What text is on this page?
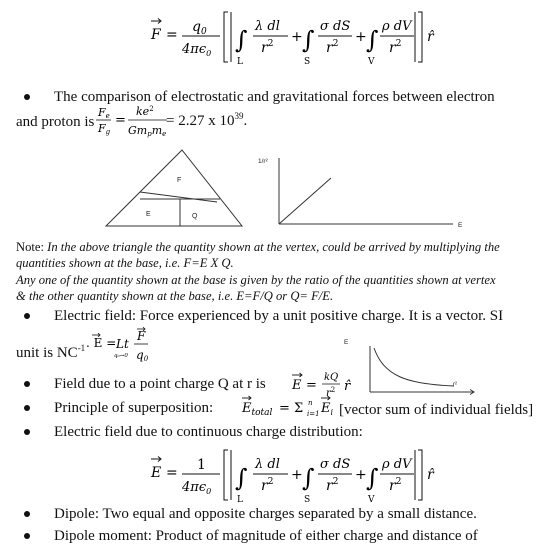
$F = q_0$
$4\pi\epsilon_0$ ∫ λ dl
$r^2$
L
+ ∫ σ dS
$r^2$
S
+ ∫ ρ dV
$r^2$
V
r̂
The comparison of electrostatic and gravitational forces between electron
and proton is
Fe
Fg
=
$ke^2$
Gmpme
= 2.27 x $10^{39}$.
F
E	Q
1/r²
E
Note: In the above triangle the quantity shown at the vertex, could be arrived by multiplying the
quantities shown at the base, i.e. F=E X Q.
Any one of the quantity shown at the base is given by the ratio of the quantities shown at vertex
& the other quantity shown at the base, i.e. E=F/Q or Q= F/E.
Electric field: Force experienced by a unit positive charge. It is a vector. SI
unit is $NC^{-1}$ . E = Lt
q₀→0
F
q0
E
r²
Field due to a point charge Q at r is E =
kQ
$r^2$ r̂
Principle of superposition: $E_{total} = \Sigma$ n
i=1 $E_i$ [vector sum of individual fields]
Electric field due to continuous charge distribution:
E = 1
$4\pi\epsilon_0$ ∫ λ dl
$r^2$
L
+ ∫ σ dS
$r^2$
S
+ ∫ ρ dV
$r^2$
V
r̂
Dipole: Two equal and opposite charges separated by a small distance.
Dipole moment: Product of magnitude of either charge and distance of
